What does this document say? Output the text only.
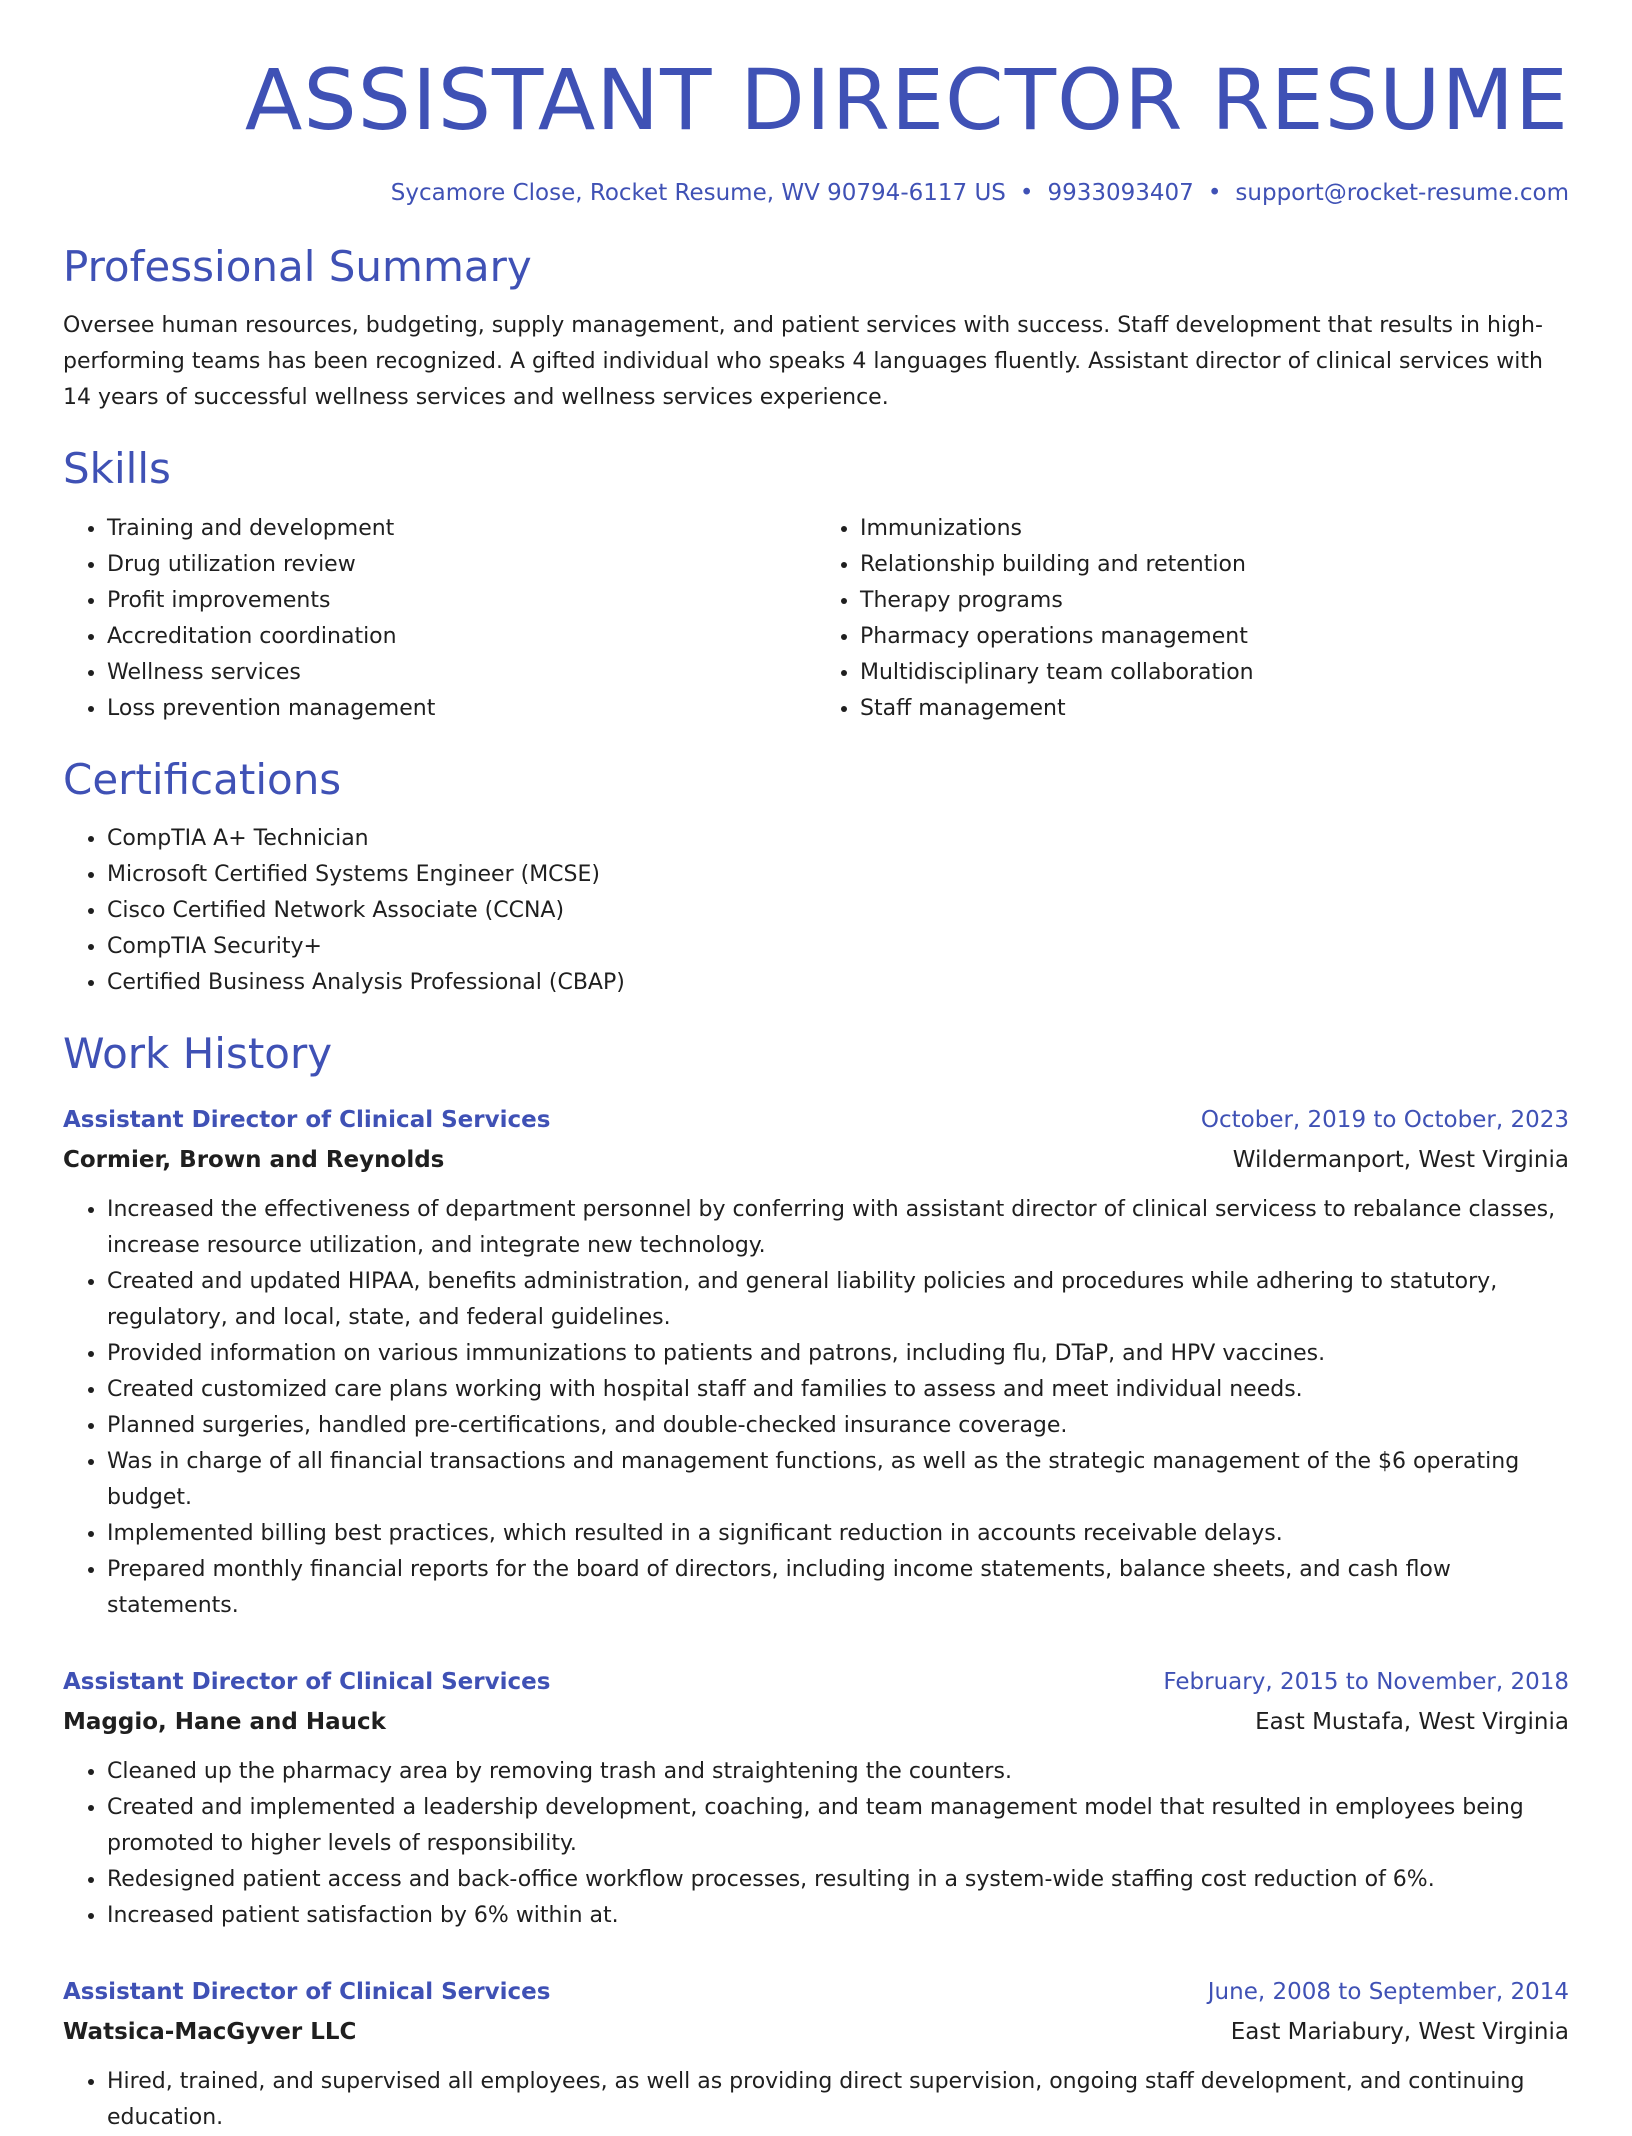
ASSISTANT DIRECTOR RESUME
Sycamore Close, Rocket Resume, WV 90794-6117 US • 9933093407 • support@rocket-resume.com
Professional Summary

Oversee human resources, budgeting, supply management, and patient services with success. Staff development that results in high-performing teams has been recognized. A gifted individual who speaks 4 languages fluently. Assistant director of clinical services with 14 years of successful wellness services and wellness services experience.

Skills
• Training and development
• Drug utilization review
• Profit improvements
• Accreditation coordination
• Wellness services
• Loss prevention management
• Immunizations
• Relationship building and retention
• Therapy programs
• Pharmacy operations management
• Multidisciplinary team collaboration
• Staff management
Certifications
• CompTIA A+ Technician
• Microsoft Certified Systems Engineer (MCSE)
• Cisco Certified Network Associate (CCNA)
• CompTIA Security+
• Certified Business Analysis Professional (CBAP)
Work History
Assistant Director of Clinical Services	October, 2019 to October, 2023
Cormier, Brown and Reynolds	Wildermanport, West Virginia
• Increased the effectiveness of department personnel by conferring with assistant director of clinical servicess to rebalance classes, increase resource utilization, and integrate new technology.
• Created and updated HIPAA, benefits administration, and general liability policies and procedures while adhering to statutory, regulatory, and local, state, and federal guidelines.
• Provided information on various immunizations to patients and patrons, including flu, DTaP, and HPV vaccines.
• Created customized care plans working with hospital staff and families to assess and meet individual needs.
• Planned surgeries, handled pre-certifications, and double-checked insurance coverage.
• Was in charge of all financial transactions and management functions, as well as the strategic management of the $6 operating budget.
• Implemented billing best practices, which resulted in a significant reduction in accounts receivable delays.
• Prepared monthly financial reports for the board of directors, including income statements, balance sheets, and cash flow statements.
Assistant Director of Clinical Services	February, 2015 to November, 2018
Maggio, Hane and Hauck	East Mustafa, West Virginia
• Cleaned up the pharmacy area by removing trash and straightening the counters.
• Created and implemented a leadership development, coaching, and team management model that resulted in employees being promoted to higher levels of responsibility.
• Redesigned patient access and back-office workflow processes, resulting in a system-wide staffing cost reduction of 6%.
• Increased patient satisfaction by 6% within at.
Assistant Director of Clinical Services	June, 2008 to September, 2014
Watsica-MacGyver LLC	East Mariabury, West Virginia
• Hired, trained, and supervised all employees, as well as providing direct supervision, ongoing staff development, and continuing education.
